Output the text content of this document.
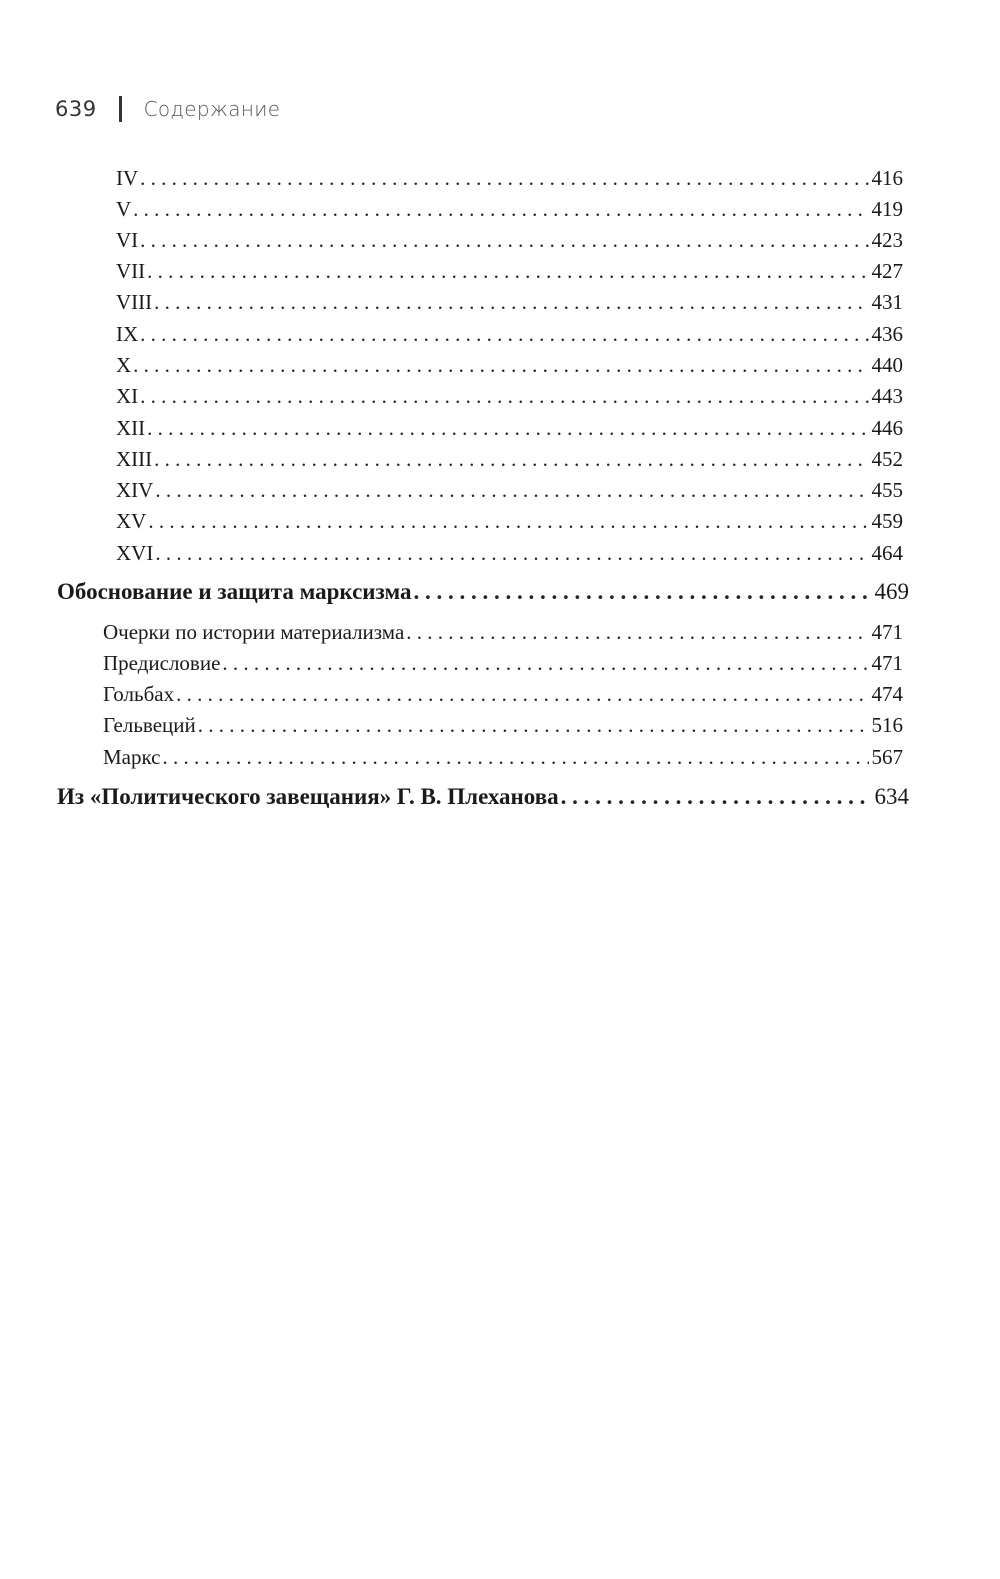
639 Содержание
IV . . .	416
V . . .	419
VI . . .	423
VII . . .	427
VIII . . .	431
IX . . .	436
X . . .	440
XI . . .	443
XII . . .	446
XIII . . .	452
XIV . . .	455
XV . . .	459
XVI . . .	464
Обоснование и защита марксизма . . .	469
Очерки по истории материализма . . .	471
Предисловие . . .	471
Гольбах . . .	474
Гельвеций . . .	516
Маркс . . .	567
Из «Политического завещания» Г. В. Плеханова . . .	634
